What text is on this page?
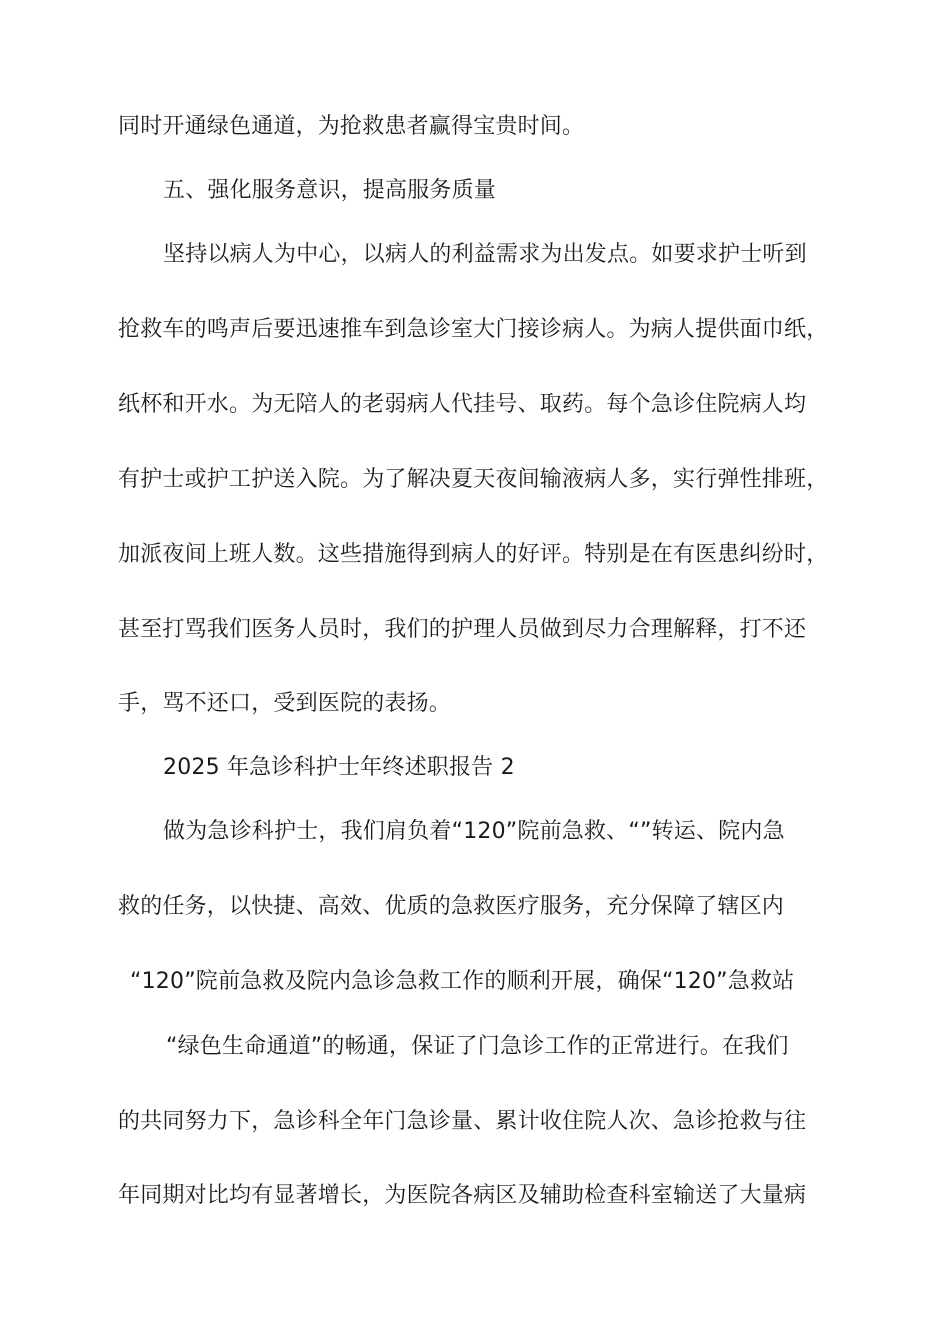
同时开通绿色通道，为抢救患者赢得宝贵时间。
五、强化服务意识，提高服务质量
坚持以病人为中心，以病人的利益需求为出发点。如要求护士听到
抢救车的鸣声后要迅速推车到急诊室大门接诊病人。为病人提供面巾纸，
纸杯和开水。为无陪人的老弱病人代挂号、取药。每个急诊住院病人均
有护士或护工护送入院。为了解决夏天夜间输液病人多，实行弹性排班，
加派夜间上班人数。这些措施得到病人的好评。特别是在有医患纠纷时，
甚至打骂我们医务人员时，我们的护理人员做到尽力合理解释，打不还
手，骂不还口，受到医院的表扬。
2025 年急诊科护士年终述职报告 2
做为急诊科护士，我们肩负着“120”院前急救、“”转运、院内急
救的任务，以快捷、高效、优质的急救医疗服务，充分保障了辖区内
“120”院前急救及院内急诊急救工作的顺利开展，确保“120”急救站
“绿色生命通道”的畅通，保证了门急诊工作的正常进行。在我们
的共同努力下，急诊科全年门急诊量、累计收住院人次、急诊抢救与往
年同期对比均有显著增长，为医院各病区及辅助检查科室输送了大量病
